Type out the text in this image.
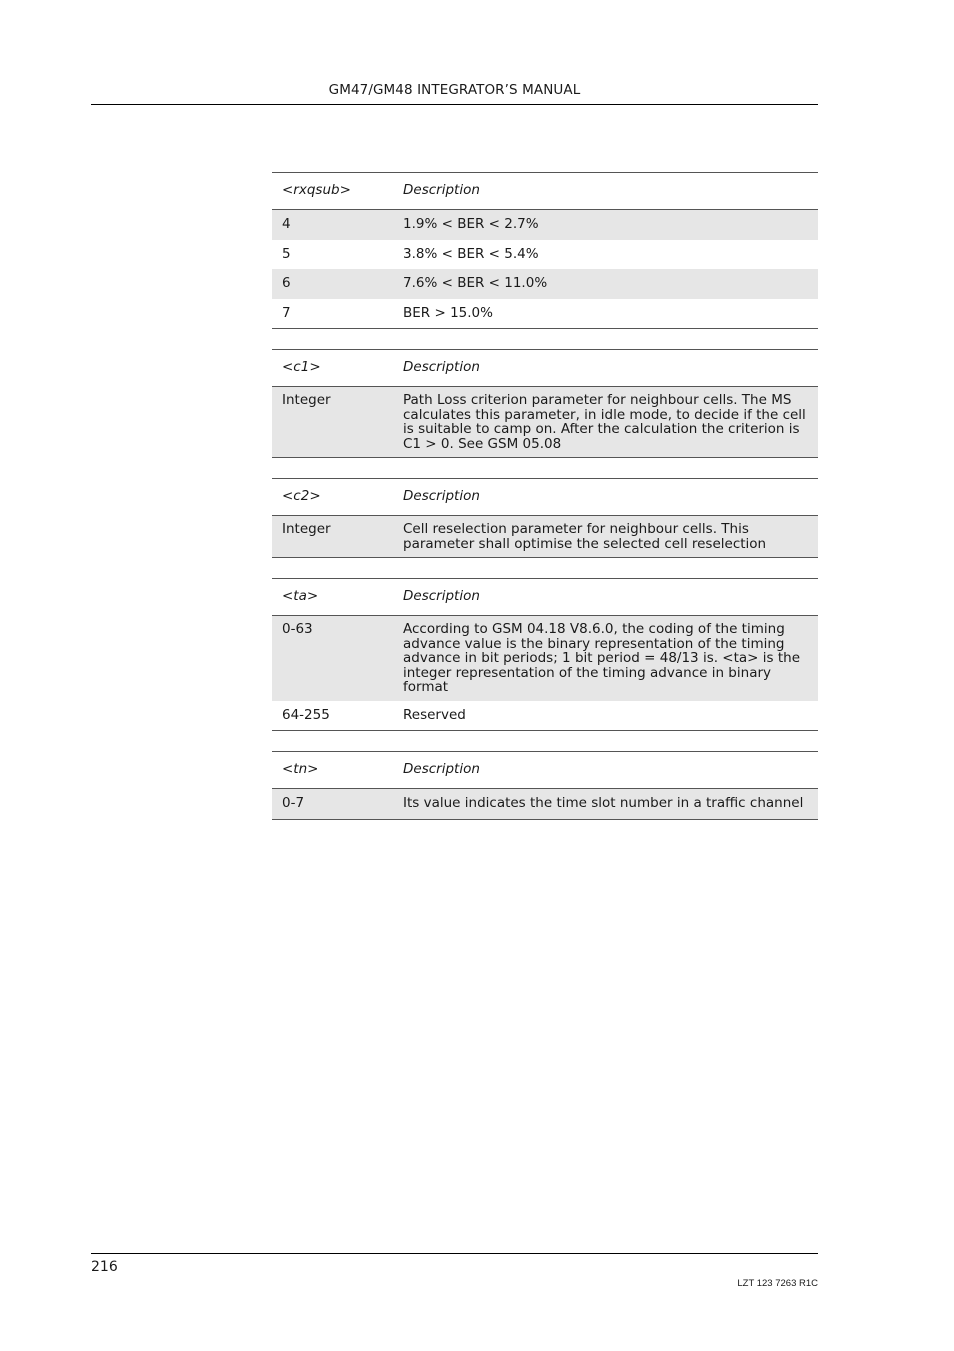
GM47/GM48 INTEGRATOR’S MANUAL
<rxqsub>	Description
4	1.9% < BER < 2.7%
5	3.8% < BER < 5.4%
6	7.6% < BER < 11.0%
7	BER > 15.0%
<c1>	Description
Integer	Path Loss criterion parameter for neighbour cells. The MS calculates this parameter, in idle mode, to decide if the cell is suitable to camp on. After the calculation the criterion is C1 > 0. See GSM 05.08
<c2>	Description
Integer	Cell reselection parameter for neighbour cells. This parameter shall optimise the selected cell reselection
<ta>	Description
0-63	According to GSM 04.18 V8.6.0, the coding of the timing advance value is the binary representation of the timing advance in bit periods; 1 bit period = 48/13 is. <ta> is the integer representation of the timing advance in binary format
64-255	Reserved
<tn>	Description
0-7	Its value indicates the time slot number in a traffic channel
216
LZT 123 7263 R1C
